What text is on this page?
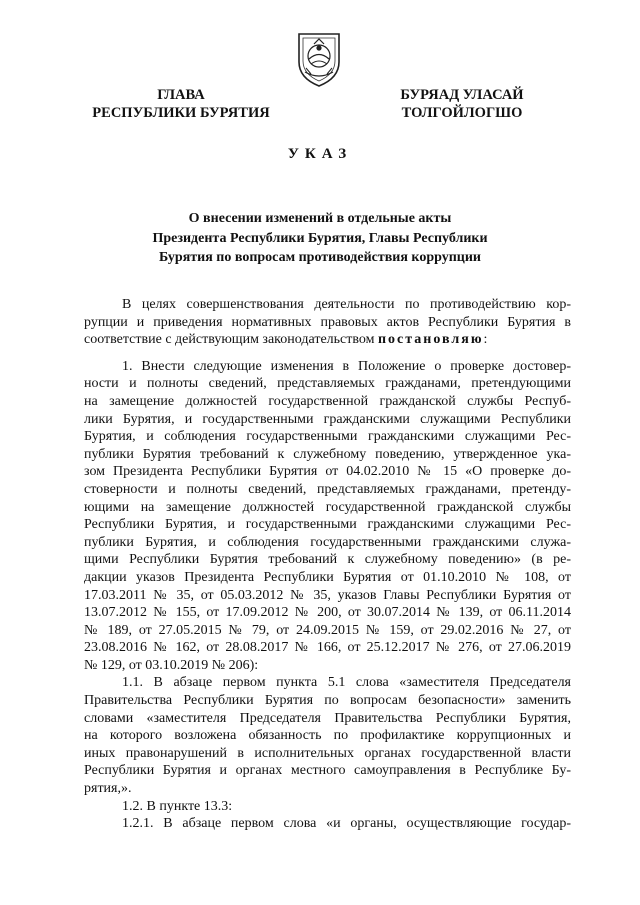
ГЛАВА
РЕСПУБЛИКИ БУРЯТИЯ
БУРЯАД УЛАСАЙ
ТОЛГОЙЛОГШО
УКАЗ
О внесении изменений в отдельные акты
Президента Республики Бурятия, Главы Республики
Бурятия по вопросам противодействия коррупции
В целях совершенствования деятельности по противодействию кор-
рупции и приведения нормативных правовых актов Республики Бурятия в
соответствие с действующим законодательством постановляю:
1. Внести следующие изменения в Положение о проверке достовер-
ности и полноты сведений, представляемых гражданами, претендующими
на замещение должностей государственной гражданской службы Респуб-
лики Бурятия, и государственными гражданскими служащими Республики
Бурятия, и соблюдения государственными гражданскими служащими Рес-
публики Бурятия требований к служебному поведению, утвержденное ука-
зом Президента Республики Бурятия от 04.02.2010 № 15 «О проверке до-
стоверности и полноты сведений, представляемых гражданами, претенду-
ющими на замещение должностей государственной гражданской службы
Республики Бурятия, и государственными гражданскими служащими Рес-
публики Бурятия, и соблюдения государственными гражданскими служа-
щими Республики Бурятия требований к служебному поведению» (в ре-
дакции указов Президента Республики Бурятия от 01.10.2010 № 108, от
17.03.2011 № 35, от 05.03.2012 № 35, указов Главы Республики Бурятия от
13.07.2012 № 155, от 17.09.2012 № 200, от 30.07.2014 № 139, от 06.11.2014
№ 189, от 27.05.2015 № 79, от 24.09.2015 № 159, от 29.02.2016 № 27, от
23.08.2016 № 162, от 28.08.2017 № 166, от 25.12.2017 № 276, от 27.06.2019
№ 129, от 03.10.2019 № 206):
1.1. В абзаце первом пункта 5.1 слова «заместителя Председателя
Правительства Республики Бурятия по вопросам безопасности» заменить
словами «заместителя Председателя Правительства Республики Бурятия,
на которого возложена обязанность по профилактике коррупционных и
иных правонарушений в исполнительных органах государственной власти
Республики Бурятия и органах местного самоуправления в Республике Бу-
рятия,».
1.2. В пункте 13.3:
1.2.1. В абзаце первом слова «и органы, осуществляющие государ-
